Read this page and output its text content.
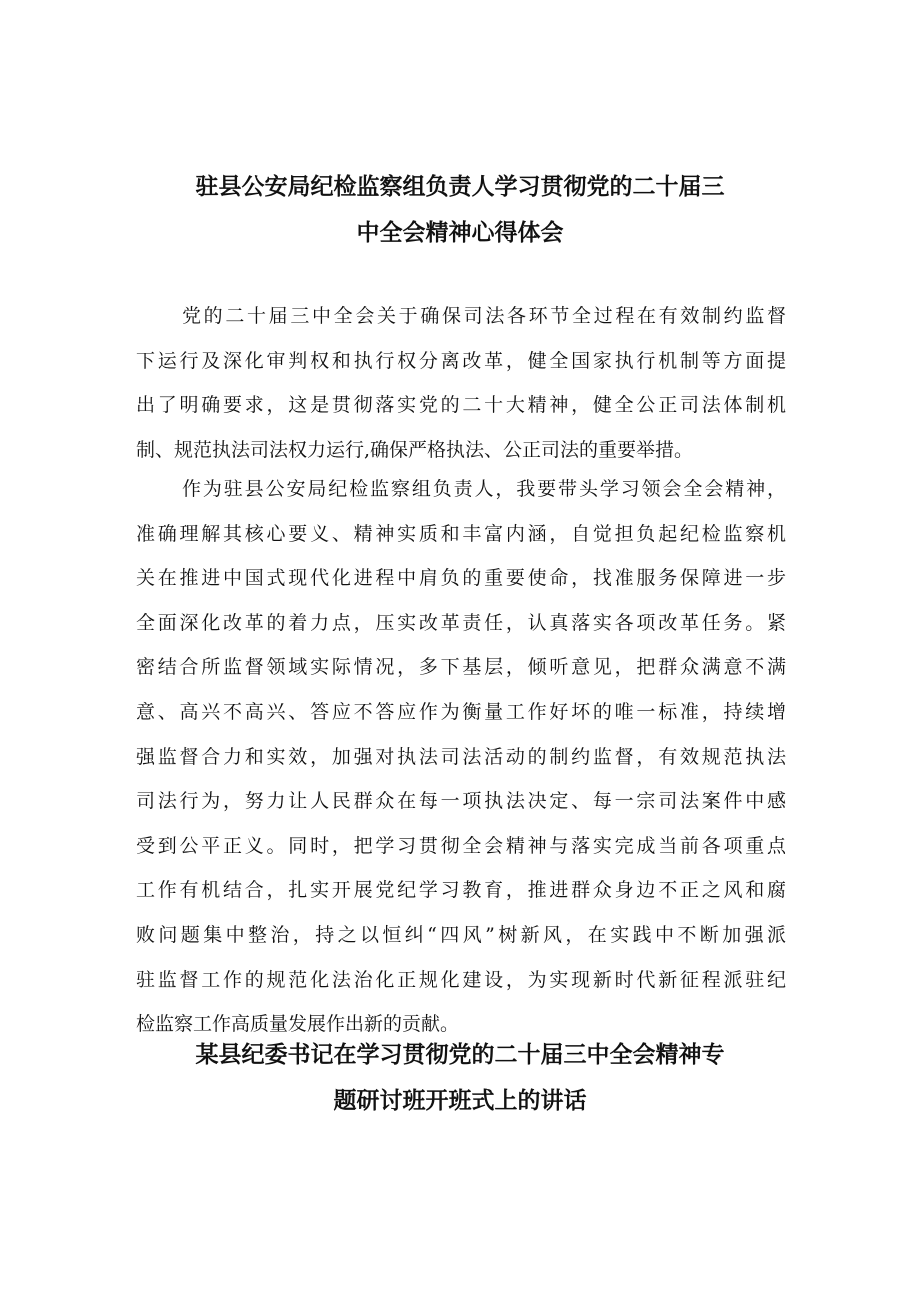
驻县公安局纪检监察组负责人学习贯彻党的二十届三
中全会精神心得体会

党的二十届三中全会关于确保司法各环节全过程在有效制约监督
下运行及深化审判权和执行权分离改革，健全国家执行机制等方面提
出了明确要求，这是贯彻落实党的二十大精神，健全公正司法体制机
制、规范执法司法权力运行,确保严格执法、公正司法的重要举措。

作为驻县公安局纪检监察组负责人，我要带头学习领会全会精神，
准确理解其核心要义、精神实质和丰富内涵，自觉担负起纪检监察机
关在推进中国式现代化进程中肩负的重要使命，找准服务保障进一步
全面深化改革的着力点，压实改革责任，认真落实各项改革任务。紧
密结合所监督领域实际情况，多下基层，倾听意见，把群众满意不满
意、高兴不高兴、答应不答应作为衡量工作好坏的唯一标准，持续增
强监督合力和实效，加强对执法司法活动的制约监督，有效规范执法
司法行为，努力让人民群众在每一项执法决定、每一宗司法案件中感
受到公平正义。同时，把学习贯彻全会精神与落实完成当前各项重点
工作有机结合，扎实开展党纪学习教育，推进群众身边不正之风和腐
败问题集中整治，持之以恒纠“四风”树新风，在实践中不断加强派
驻监督工作的规范化法治化正规化建设，为实现新时代新征程派驻纪
检监察工作高质量发展作出新的贡献。

某县纪委书记在学习贯彻党的二十届三中全会精神专
题研讨班开班式上的讲话
